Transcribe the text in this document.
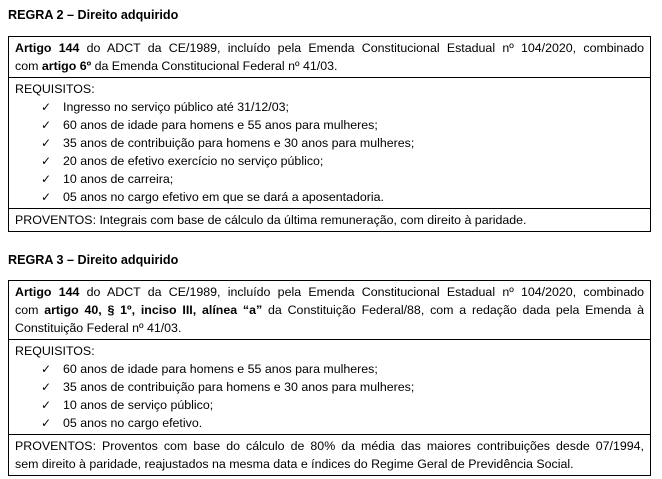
REGRA 2 – Direito adquirido
Artigo 144 do ADCT da CE/1989, incluído pela Emenda Constitucional Estadual nº 104/2020, combinado
com artigo 6º da Emenda Constitucional Federal nº 41/03.
REQUISITOS:
✓ Ingresso no serviço público até 31/12/03;
✓ 60 anos de idade para homens e 55 anos para mulheres;
✓ 35 anos de contribuição para homens e 30 anos para mulheres;
✓ 20 anos de efetivo exercício no serviço público;
✓ 10 anos de carreira;
✓ 05 anos no cargo efetivo em que se dará a aposentadoria.
PROVENTOS: Integrais com base de cálculo da última remuneração, com direito à paridade.
REGRA 3 – Direito adquirido
Artigo 144 do ADCT da CE/1989, incluído pela Emenda Constitucional Estadual nº 104/2020, combinado
com artigo 40, § 1º, inciso III, alínea “a” da Constituição Federal/88, com a redação dada pela Emenda à
Constituição Federal nº 41/03.
REQUISITOS:
✓ 60 anos de idade para homens e 55 anos para mulheres;
✓ 35 anos de contribuição para homens e 30 anos para mulheres;
✓ 10 anos de serviço público;
✓ 05 anos no cargo efetivo.
PROVENTOS: Proventos com base do cálculo de 80% da média das maiores contribuições desde 07/1994,
sem direito à paridade, reajustados na mesma data e índices do Regime Geral de Previdência Social.
